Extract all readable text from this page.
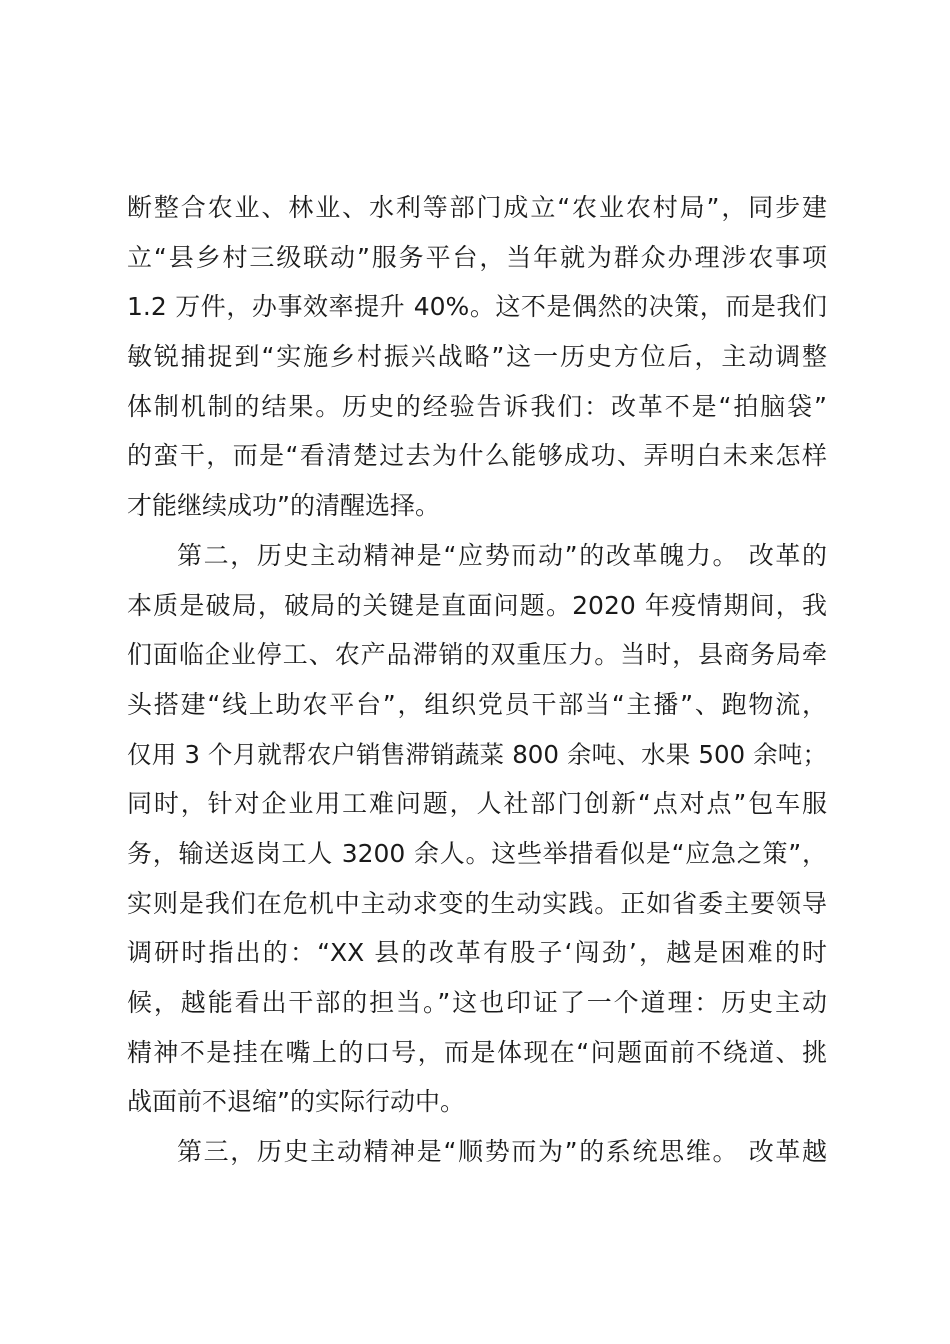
断整合农业、林业、水利等部门成立“农业农村局”，同步建
立“县乡村三级联动”服务平台，当年就为群众办理涉农事项
1.2 万件，办事效率提升 40%。这不是偶然的决策，而是我们
敏锐捕捉到“实施乡村振兴战略”这一历史方位后，主动调整
体制机制的结果。历史的经验告诉我们：改革不是“拍脑袋”
的蛮干，而是“看清楚过去为什么能够成功、弄明白未来怎样
才能继续成功”的清醒选择。
第二，历史主动精神是“应势而动”的改革魄力。 改革的
本质是破局，破局的关键是直面问题。2020 年疫情期间，我
们面临企业停工、农产品滞销的双重压力。当时，县商务局牵
头搭建“线上助农平台”，组织党员干部当“主播”、跑物流，
仅用 3 个月就帮农户销售滞销蔬菜 800 余吨、水果 500 余吨；
同时，针对企业用工难问题，人社部门创新“点对点”包车服
务，输送返岗工人 3200 余人。这些举措看似是“应急之策”，
实则是我们在危机中主动求变的生动实践。正如省委主要领导
调研时指出的：“XX 县的改革有股子‘闯劲’，越是困难的时
候，越能看出干部的担当。”这也印证了一个道理：历史主动
精神不是挂在嘴上的口号，而是体现在“问题面前不绕道、挑
战面前不退缩”的实际行动中。
第三，历史主动精神是“顺势而为”的系统思维。 改革越
